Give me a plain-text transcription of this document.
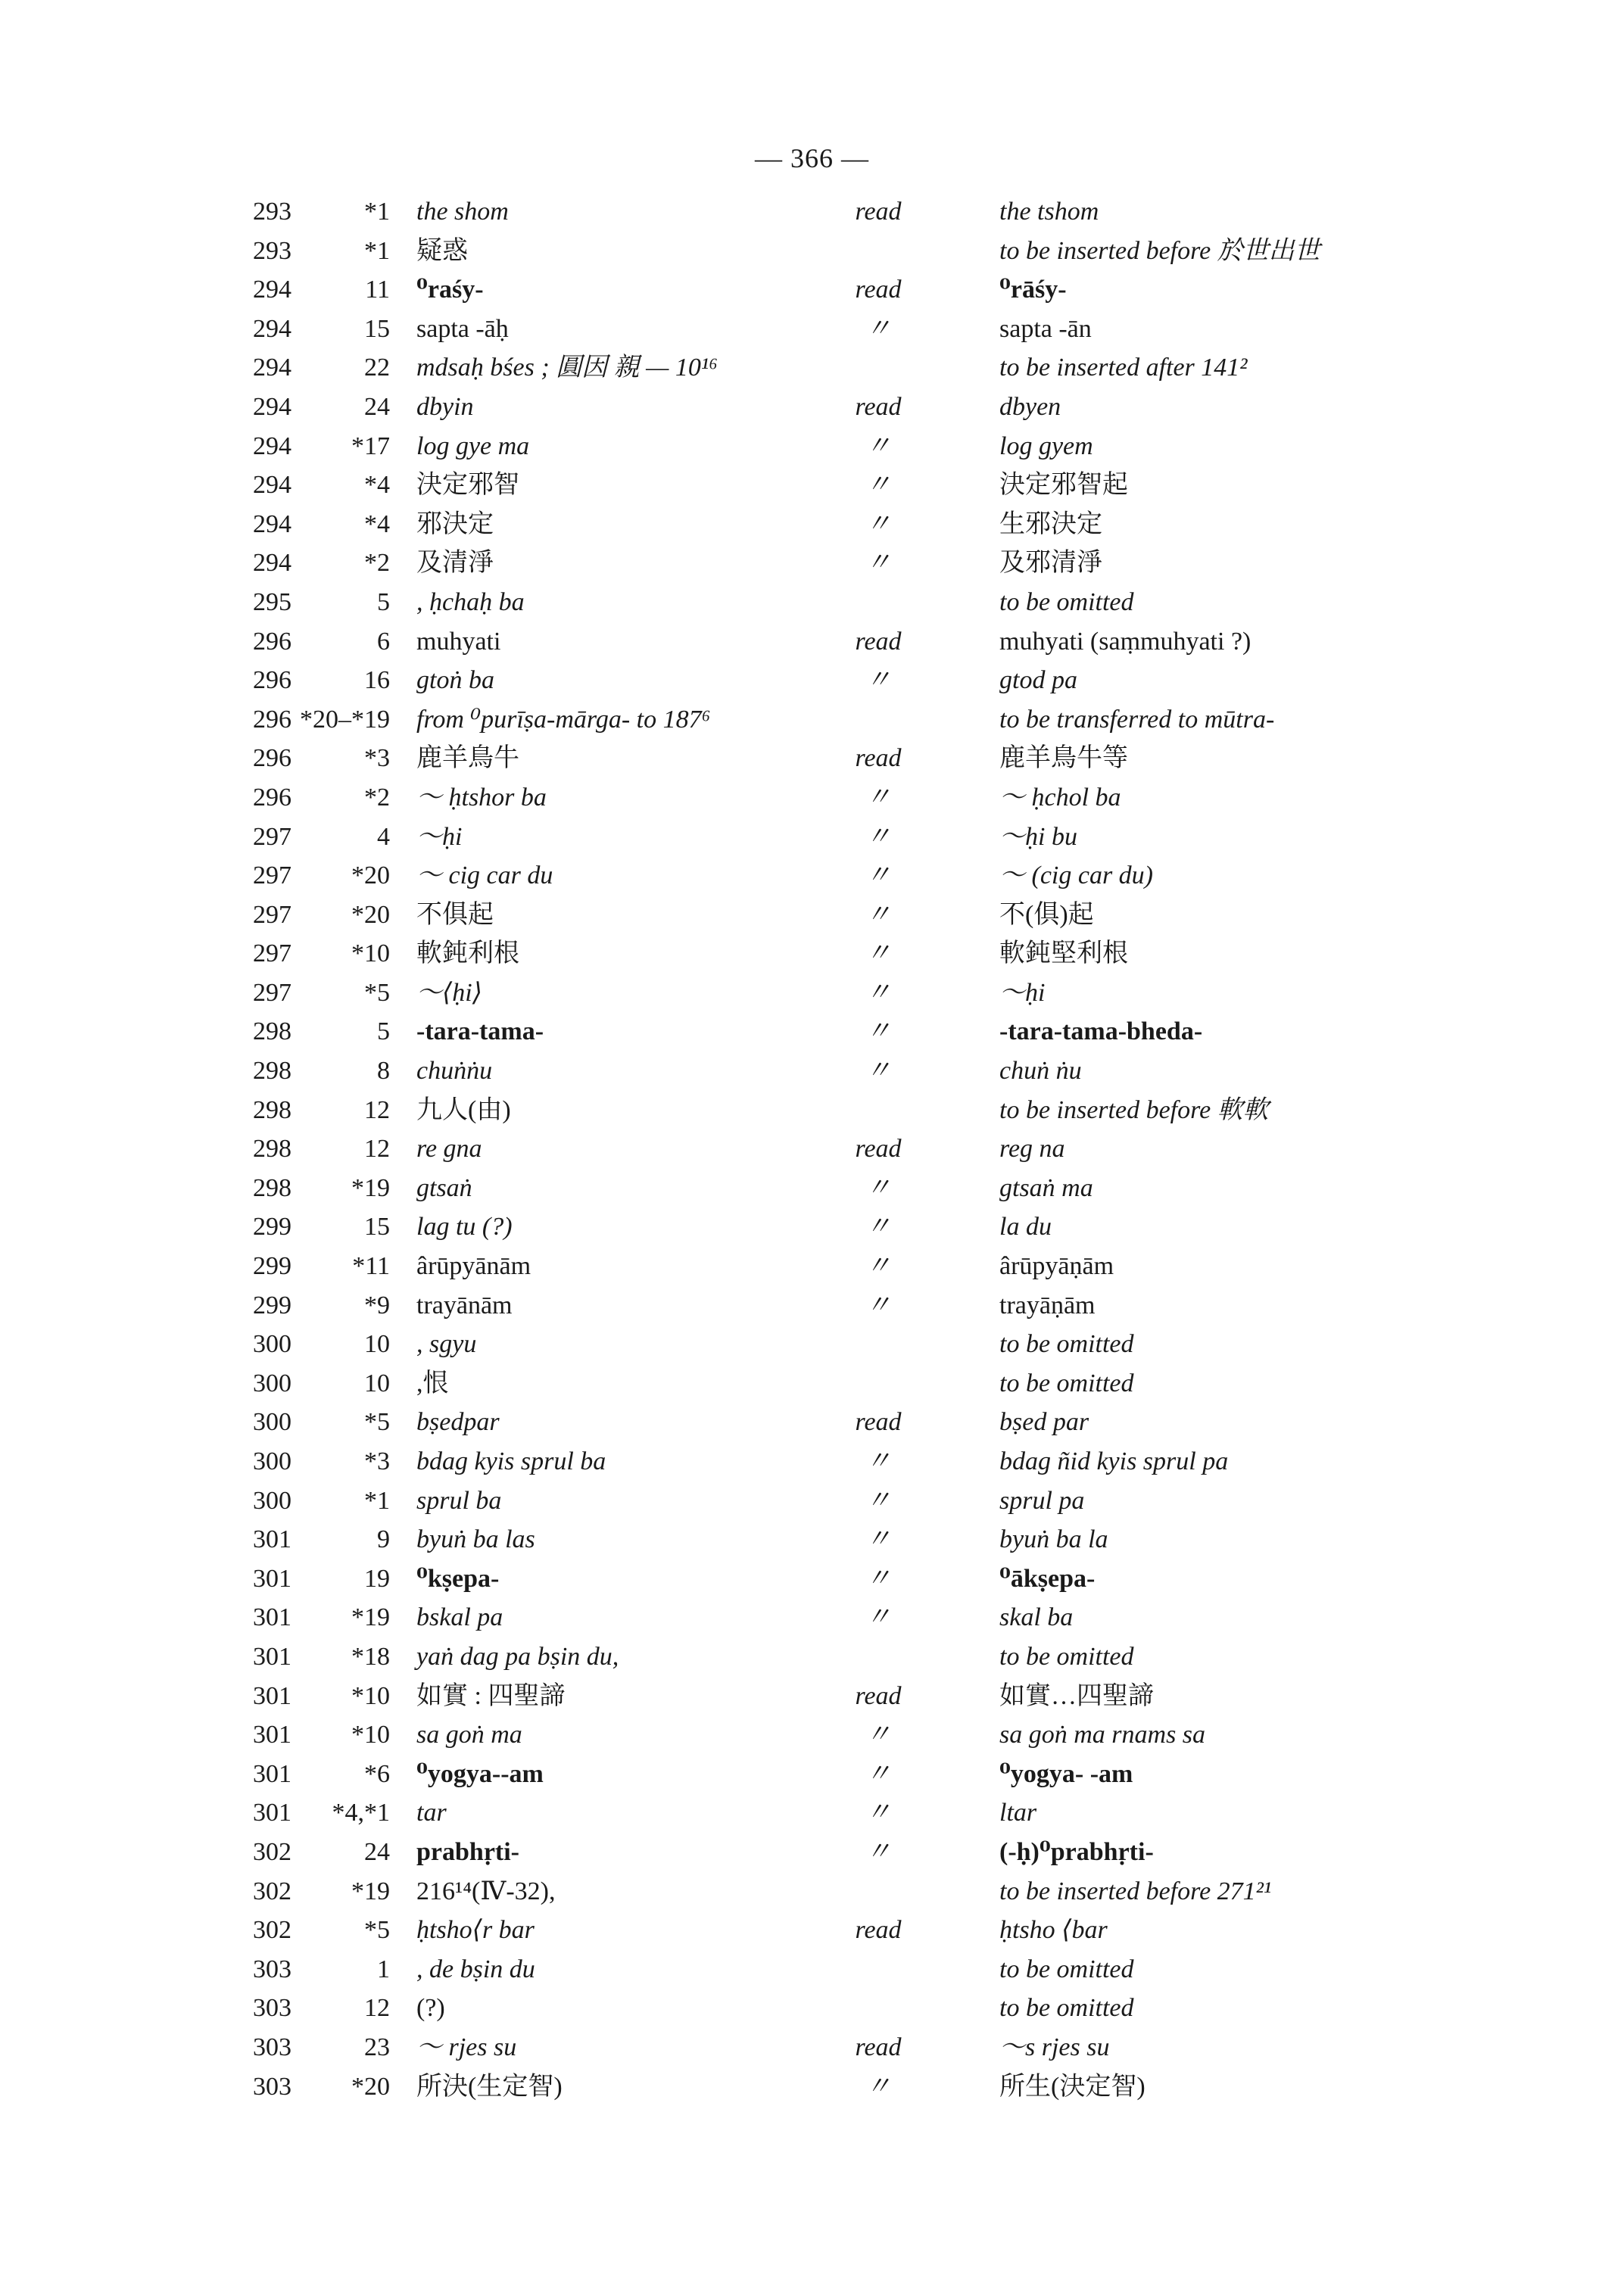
— 366 —
293	*1 the shom	read	the tshom
293	*1 疑惑	to be inserted before 於世出世
294	11 ⁰raśy-	read	⁰rāśy-
294	15 sapta -āḥ	〃	sapta -ān
294	22 mdsaḥ bśes ; 圓因 親 — 10¹⁶	to be inserted after 141²
294	24 dbyin	read	dbyen
294	*17 log gye ma	〃	log gyem
294	*4 決定邪智	〃	決定邪智起
294	*4 邪決定	〃	生邪決定
294	*2 及清淨	〃	及邪清淨
295	5 , ḥchaḥ ba	to be omitted
296	6 muhyati	read	muhyati (saṃmuhyati ?)
296	16 gtoṅ ba	〃	gtod pa
296 *20–*19 from ⁰purīṣa-mārga- to 187⁶	to be transferred to mūtra-
296	*3 鹿羊鳥牛	read	鹿羊鳥牛等
296	*2 ～ ḥtshor ba	〃	～ ḥchol ba
297	4 ～ḥi	〃	～ḥi bu
297	*20 ～ cig car du	〃	～ (cig car du)
297	*20 不俱起	〃	不(俱)起
297	*10 軟鈍利根	〃	軟鈍堅利根
297	*5 ～⟨ḥi⟩	〃	～ḥi
298	5 -tara-tama-	〃	-tara-tama-bheda-
298	8 chuṅṅu	〃	chuṅ ṅu
298	12 九人(由)	to be inserted before 軟軟
298	12 re gna	read	reg na
298	*19 gtsaṅ	〃	gtsaṅ ma
299	15 lag tu (?)	〃	la du
299	*11 ârūpyānām	〃	ârūpyāṇām
299	*9 trayānām	〃	trayāṇām
300	10 , sgyu	to be omitted
300	10 ,恨	to be omitted
300	*5 bṣedpar	read	bṣed par
300	*3 bdag kyis sprul ba	〃	bdag ñid kyis sprul pa
300	*1 sprul ba	〃	sprul pa
301	9 byuṅ ba las	〃	byuṅ ba la
301	19 ⁰kṣepa-	〃	⁰ākṣepa-
301	*19 bskal pa	〃	skal ba
301	*18 yaṅ dag pa bṣin du,	to be omitted
301	*10 如實 : 四聖諦	read	如實…四聖諦
301	*10 sa goṅ ma	〃	sa goṅ ma rnams sa
301	*6 ⁰yogya--am	〃	⁰yogya- -am
301	*4,*1 tar	〃	ltar
302	24 prabhṛti-	〃	(-ḥ)⁰prabhṛti-
302	*19 216¹⁴(Ⅳ-32),	to be inserted before 271²¹
302	*5 ḥtsho⟨r bar	read	ḥtsho ⟨bar
303	1 , de bṣin du	to be omitted
303	12 (?)	to be omitted
303	23 ～ rjes su	read	～s rjes su
303	*20 所決(生定智)	〃	所生(決定智)
